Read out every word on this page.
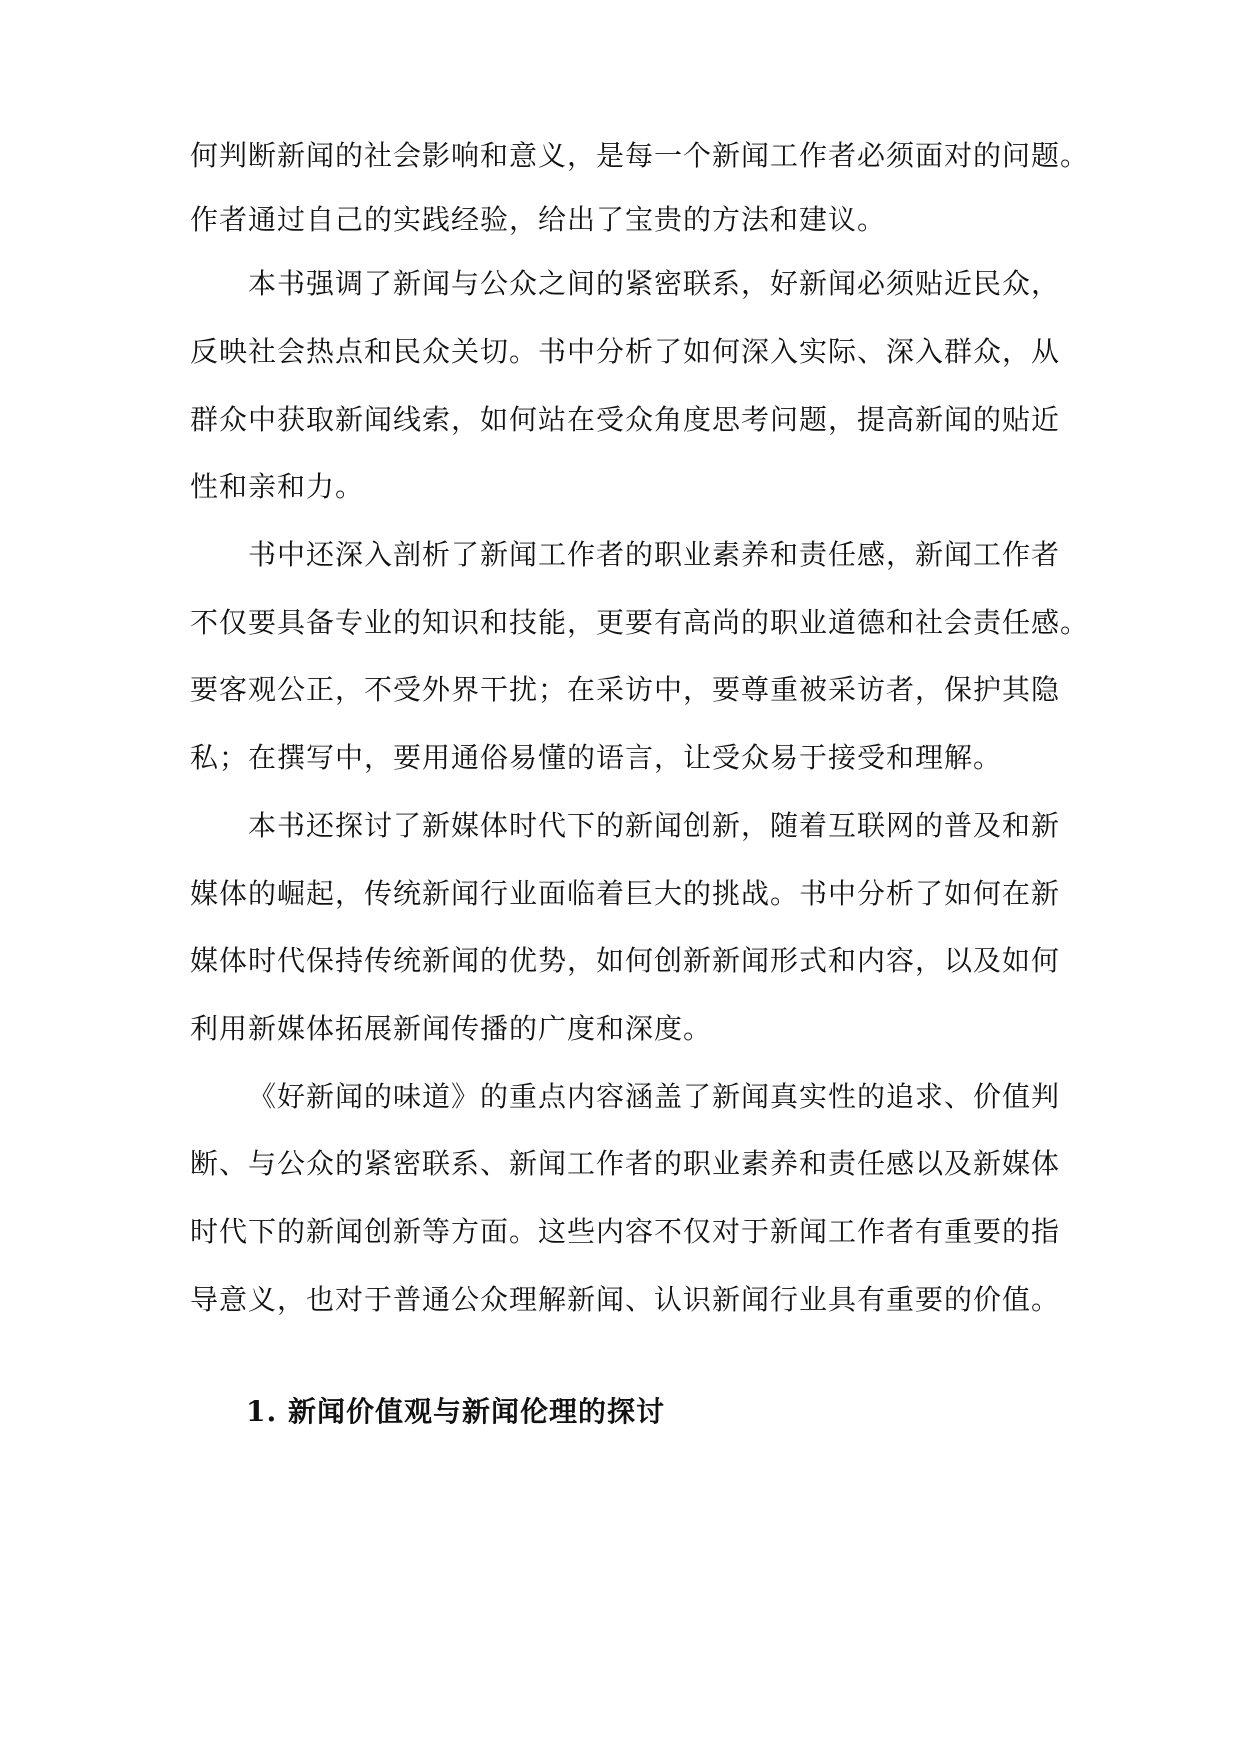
何判断新闻的社会影响和意义，是每一个新闻工作者必须面对的问题。
作者通过自己的实践经验，给出了宝贵的方法和建议。
本书强调了新闻与公众之间的紧密联系，好新闻必须贴近民众，
反映社会热点和民众关切。书中分析了如何深入实际、深入群众，从
群众中获取新闻线索，如何站在受众角度思考问题，提高新闻的贴近
性和亲和力。
书中还深入剖析了新闻工作者的职业素养和责任感，新闻工作者
不仅要具备专业的知识和技能，更要有高尚的职业道德和社会责任感。
要客观公正，不受外界干扰；在采访中，要尊重被采访者，保护其隐
私；在撰写中，要用通俗易懂的语言，让受众易于接受和理解。
本书还探讨了新媒体时代下的新闻创新，随着互联网的普及和新
媒体的崛起，传统新闻行业面临着巨大的挑战。书中分析了如何在新
媒体时代保持传统新闻的优势，如何创新新闻形式和内容，以及如何
利用新媒体拓展新闻传播的广度和深度。
《好新闻的味道》的重点内容涵盖了新闻真实性的追求、价值判
断、与公众的紧密联系、新闻工作者的职业素养和责任感以及新媒体
时代下的新闻创新等方面。这些内容不仅对于新闻工作者有重要的指
导意义，也对于普通公众理解新闻、认识新闻行业具有重要的价值。
1. 新闻价值观与新闻伦理的探讨
